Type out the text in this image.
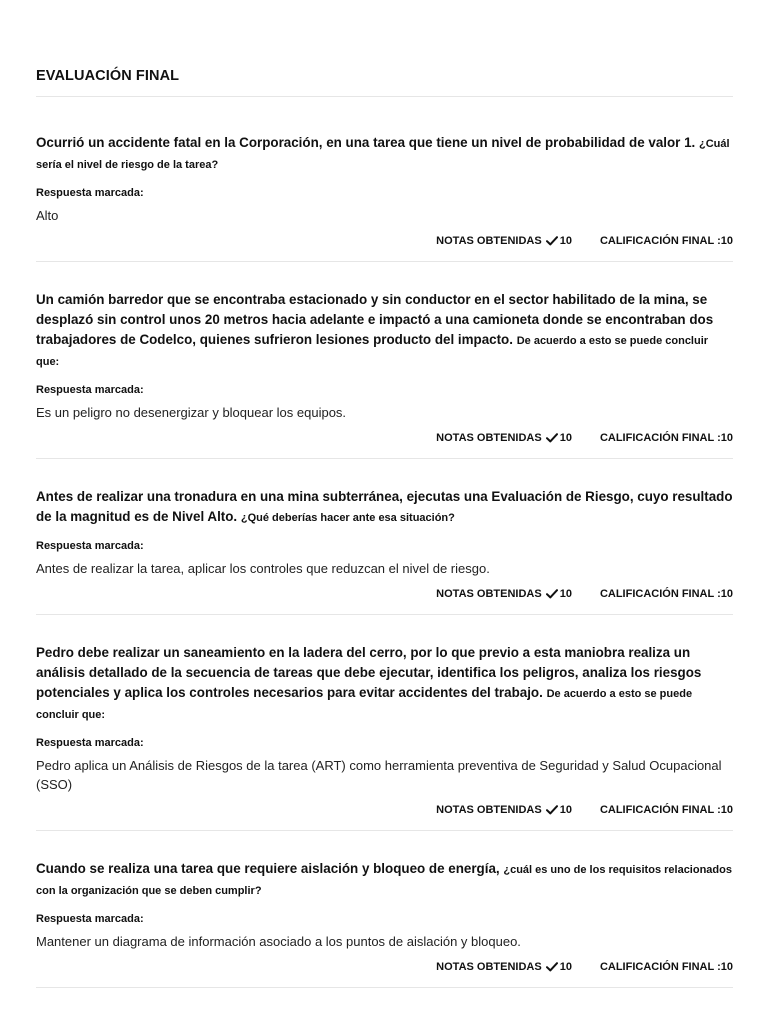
EVALUACIÓN FINAL

Ocurrió un accidente fatal en la Corporación, en una tarea que tiene un nivel de probabilidad de valor 1. ¿Cuál sería el nivel de riesgo de la tarea?

Respuesta marcada:
Alto
NOTAS OBTENIDAS 10	CALIFICACIÓN FINAL : 10

Un camión barredor que se encontraba estacionado y sin conductor en el sector habilitado de la mina, se desplazó sin control unos 20 metros hacia adelante e impactó a una camioneta donde se encontraban dos trabajadores de Codelco, quienes sufrieron lesiones producto del impacto. De acuerdo a esto se puede concluir que:

Respuesta marcada:
Es un peligro no desenergizar y bloquear los equipos.
NOTAS OBTENIDAS 10	CALIFICACIÓN FINAL : 10

Antes de realizar una tronadura en una mina subterránea, ejecutas una Evaluación de Riesgo, cuyo resultado de la magnitud es de Nivel Alto. ¿Qué deberías hacer ante esa situación?

Respuesta marcada:
Antes de realizar la tarea, aplicar los controles que reduzcan el nivel de riesgo.
NOTAS OBTENIDAS 10	CALIFICACIÓN FINAL : 10

Pedro debe realizar un saneamiento en la ladera del cerro, por lo que previo a esta maniobra realiza un análisis detallado de la secuencia de tareas que debe ejecutar, identifica los peligros, analiza los riesgos potenciales y aplica los controles necesarios para evitar accidentes del trabajo. De acuerdo a esto se puede concluir que:

Respuesta marcada:
Pedro aplica un Análisis de Riesgos de la tarea (ART) como herramienta preventiva de Seguridad y Salud Ocupacional (SSO)
NOTAS OBTENIDAS 10	CALIFICACIÓN FINAL : 10

Cuando se realiza una tarea que requiere aislación y bloqueo de energía, ¿cuál es uno de los requisitos relacionados con la organización que se deben cumplir?

Respuesta marcada:
Mantener un diagrama de información asociado a los puntos de aislación y bloqueo.
NOTAS OBTENIDAS 10	CALIFICACIÓN FINAL : 10
